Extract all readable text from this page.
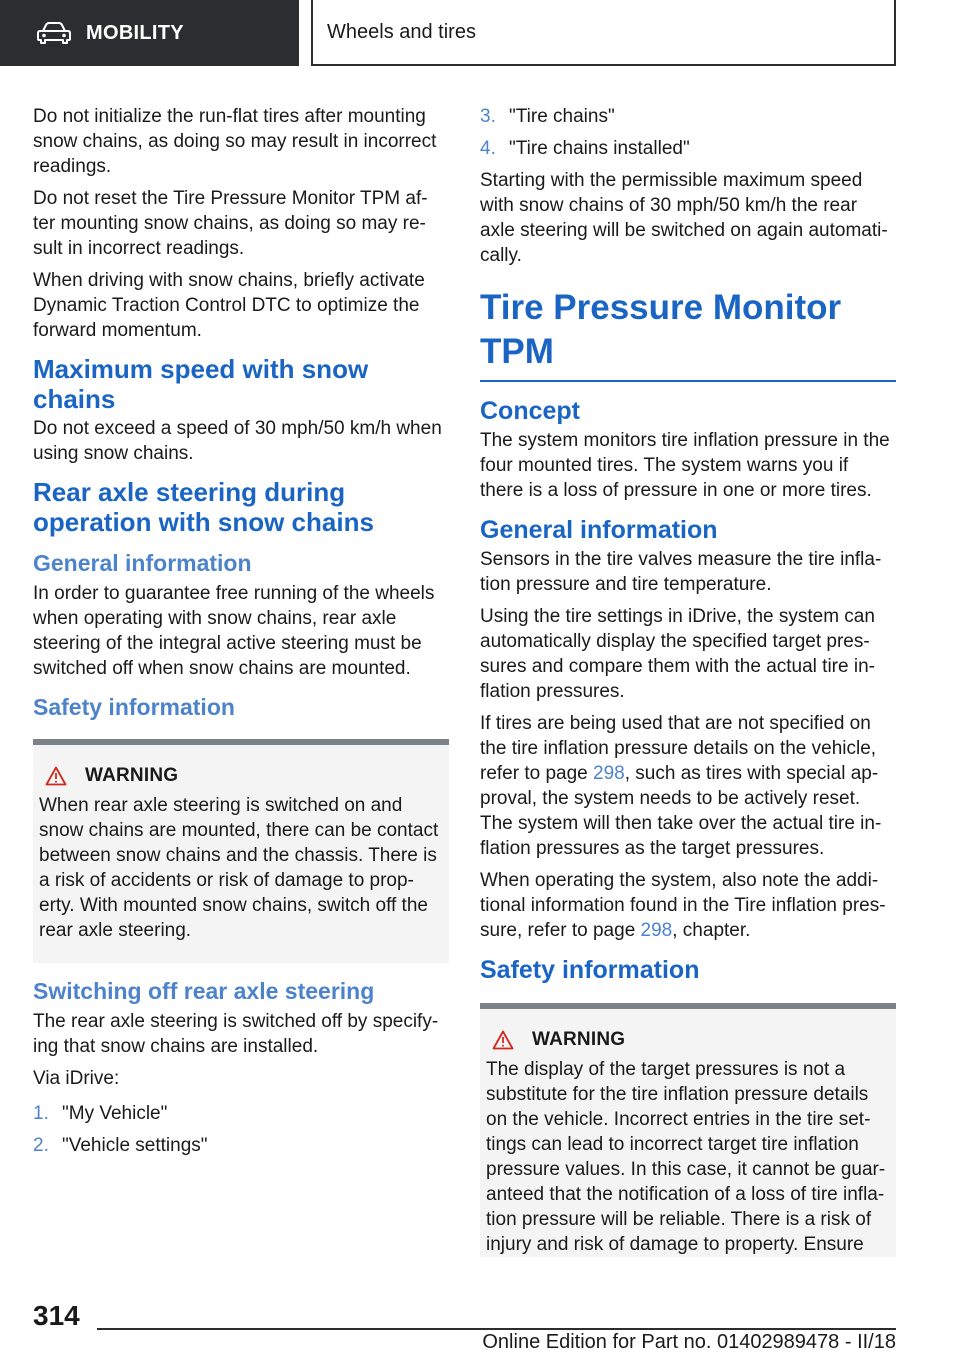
MOBILITY	Wheels and tires

Do not initialize the run-flat tires after mounting snow chains, as doing so may result in incorrect readings.

Do not reset the Tire Pressure Monitor TPM af‐ ter mounting snow chains, as doing so may re‐ sult in incorrect readings.

When driving with snow chains, briefly activate Dynamic Traction Control DTC to optimize the forward momentum.

Maximum speed with snow chains

Do not exceed a speed of 30 mph/50 km/h when using snow chains.

Rear axle steering during operation with snow chains
General information

In order to guarantee free running of the wheels when operating with snow chains, rear axle steering of the integral active steering must be switched off when snow chains are mounted.

Safety information
WARNING

When rear axle steering is switched on and snow chains are mounted, there can be contact between snow chains and the chassis. There is a risk of accidents or risk of damage to prop‐ erty. With mounted snow chains, switch off the rear axle steering.

Switching off rear axle steering

The rear axle steering is switched off by specify‐ ing that snow chains are installed.

Via iDrive:

1. "My Vehicle"
2. "Vehicle settings"
3. "Tire chains"
4. "Tire chains installed"

Starting with the permissible maximum speed with snow chains of 30 mph/50 km/h the rear axle steering will be switched on again automati‐ cally.

Tire Pressure Monitor TPM
Concept

The system monitors tire inflation pressure in the four mounted tires. The system warns you if there is a loss of pressure in one or more tires.

General information

Sensors in the tire valves measure the tire infla‐ tion pressure and tire temperature.

Using the tire settings in iDrive, the system can automatically display the specified target pres‐ sures and compare them with the actual tire in‐ flation pressures.

If tires are being used that are not specified on the tire inflation pressure details on the vehicle, refer to page 298, such as tires with special ap‐ proval, the system needs to be actively reset. The system will then take over the actual tire in‐ flation pressures as the target pressures.

When operating the system, also note the addi‐ tional information found in the Tire inflation pres‐ sure, refer to page 298, chapter.

Safety information
WARNING

The display of the target pressures is not a substitute for the tire inflation pressure details on the vehicle. Incorrect entries in the tire set‐ tings can lead to incorrect target tire inflation pressure values. In this case, it cannot be guar‐ anteed that the notification of a loss of tire infla‐ tion pressure will be reliable. There is a risk of injury and risk of damage to property. Ensure

314
Online Edition for Part no. 01402989478 - II/18
